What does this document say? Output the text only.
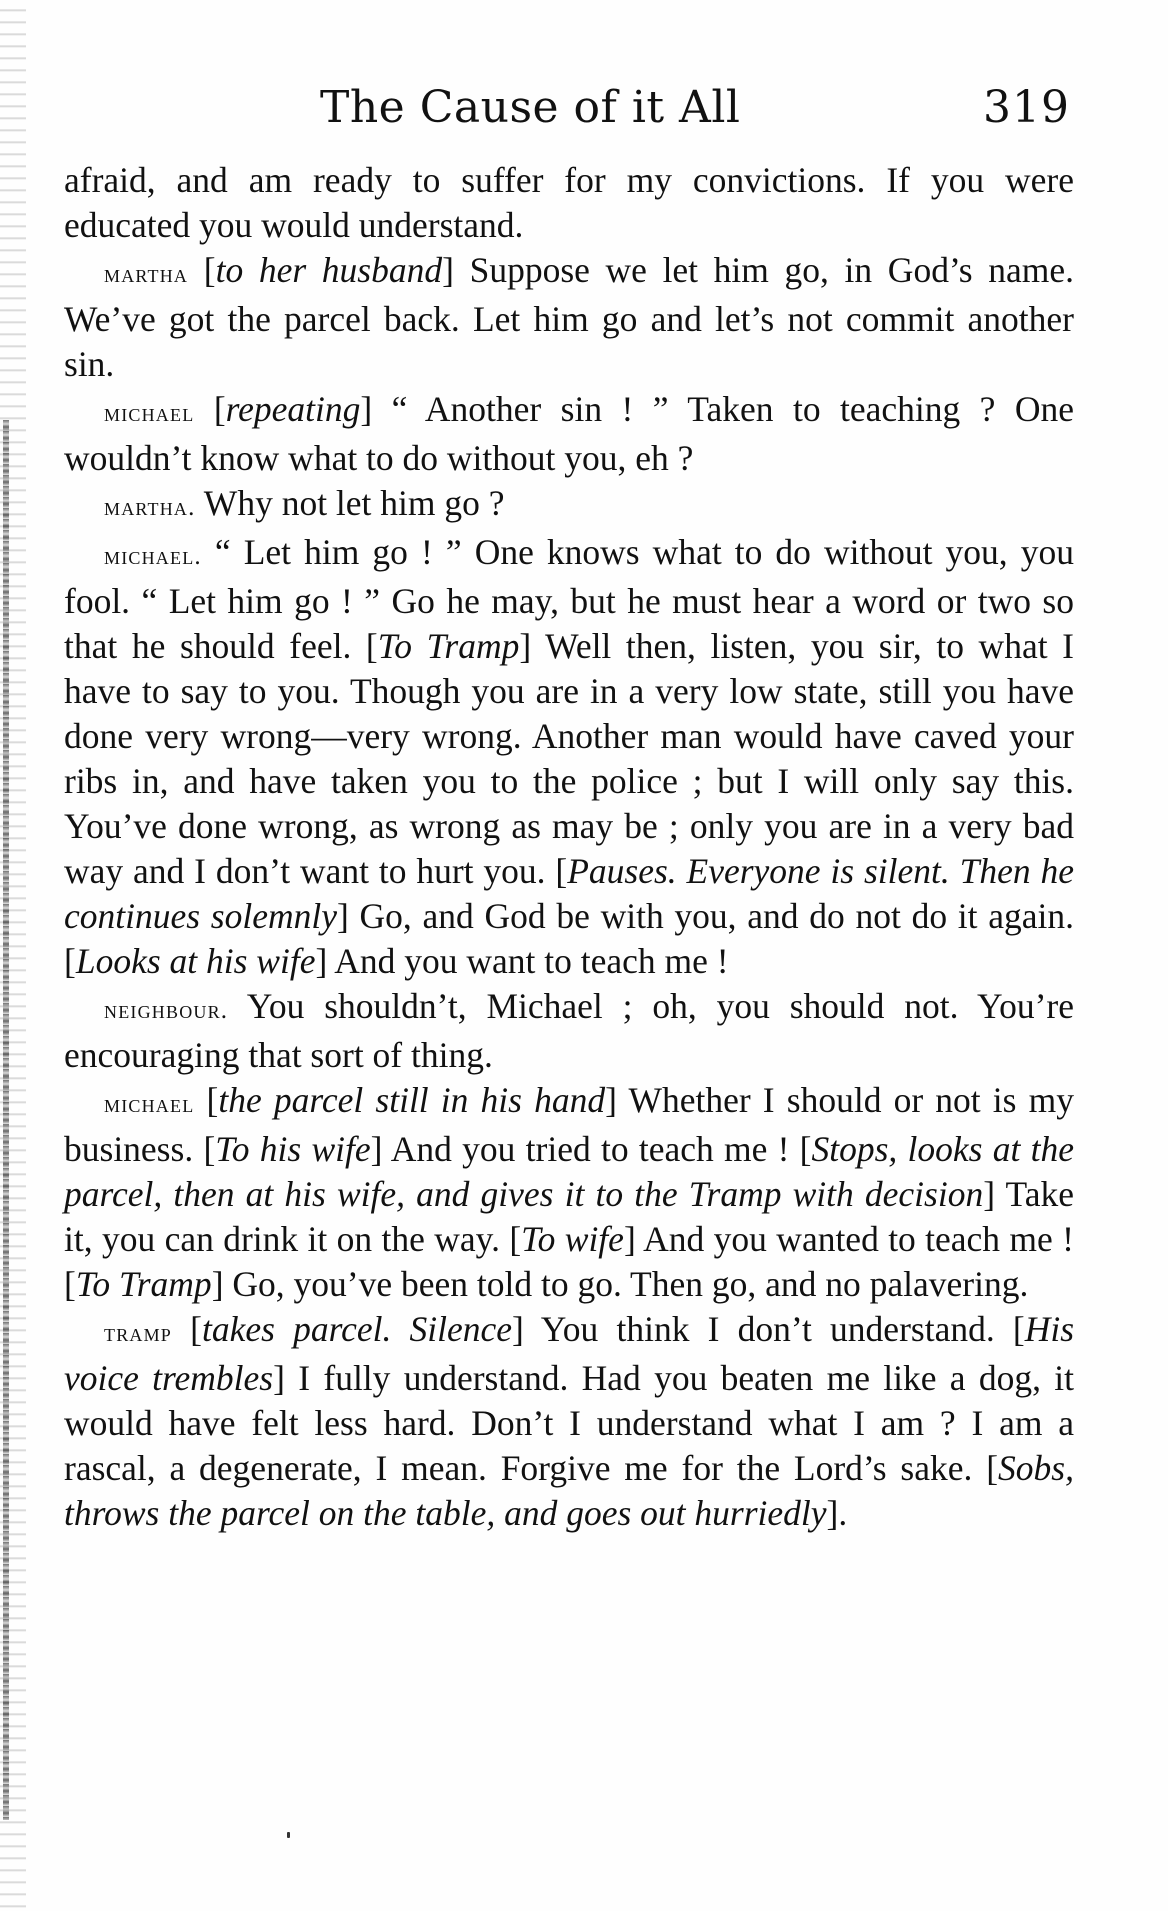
The Cause of it All	319

afraid, and am ready to suffer for my convictions. If you were educated you would understand.

martha [to her husband] Suppose we let him go, in God’s name. We’ve got the parcel back. Let him go and let’s not commit another sin.

michael [repeating] “ Another sin ! ” Taken to teaching ? One wouldn’t know what to do without you, eh ?

martha. Why not let him go ?

michael. “ Let him go ! ” One knows what to do without you, you fool. “ Let him go ! ” Go he may, but he must hear a word or two so that he should feel. [To Tramp] Well then, listen, you sir, to what I have to say to you. Though you are in a very low state, still you have done very wrong—very wrong. Another man would have caved your ribs in, and have taken you to the police ; but I will only say this. You’ve done wrong, as wrong as may be ; only you are in a very bad way and I don’t want to hurt you. [Pauses. Everyone is silent. Then he continues solemnly] Go, and God be with you, and do not do it again. [Looks at his wife] And you want to teach me !

neighbour. You shouldn’t, Michael ; oh, you should not. You’re encouraging that sort of thing.

michael [the parcel still in his hand] Whether I should or not is my business. [To his wife] And you tried to teach me ! [Stops, looks at the parcel, then at his wife, and gives it to the Tramp with decision] Take it, you can drink it on the way. [To wife] And you wanted to teach me ! [To Tramp] Go, you’ve been told to go. Then go, and no palavering.

tramp [takes parcel. Silence] You think I don’t understand. [His voice trembles] I fully understand. Had you beaten me like a dog, it would have felt less hard. Don’t I understand what I am ? I am a rascal, a degenerate, I mean. Forgive me for the Lord’s sake. [Sobs, throws the parcel on the table, and goes out hurriedly].
